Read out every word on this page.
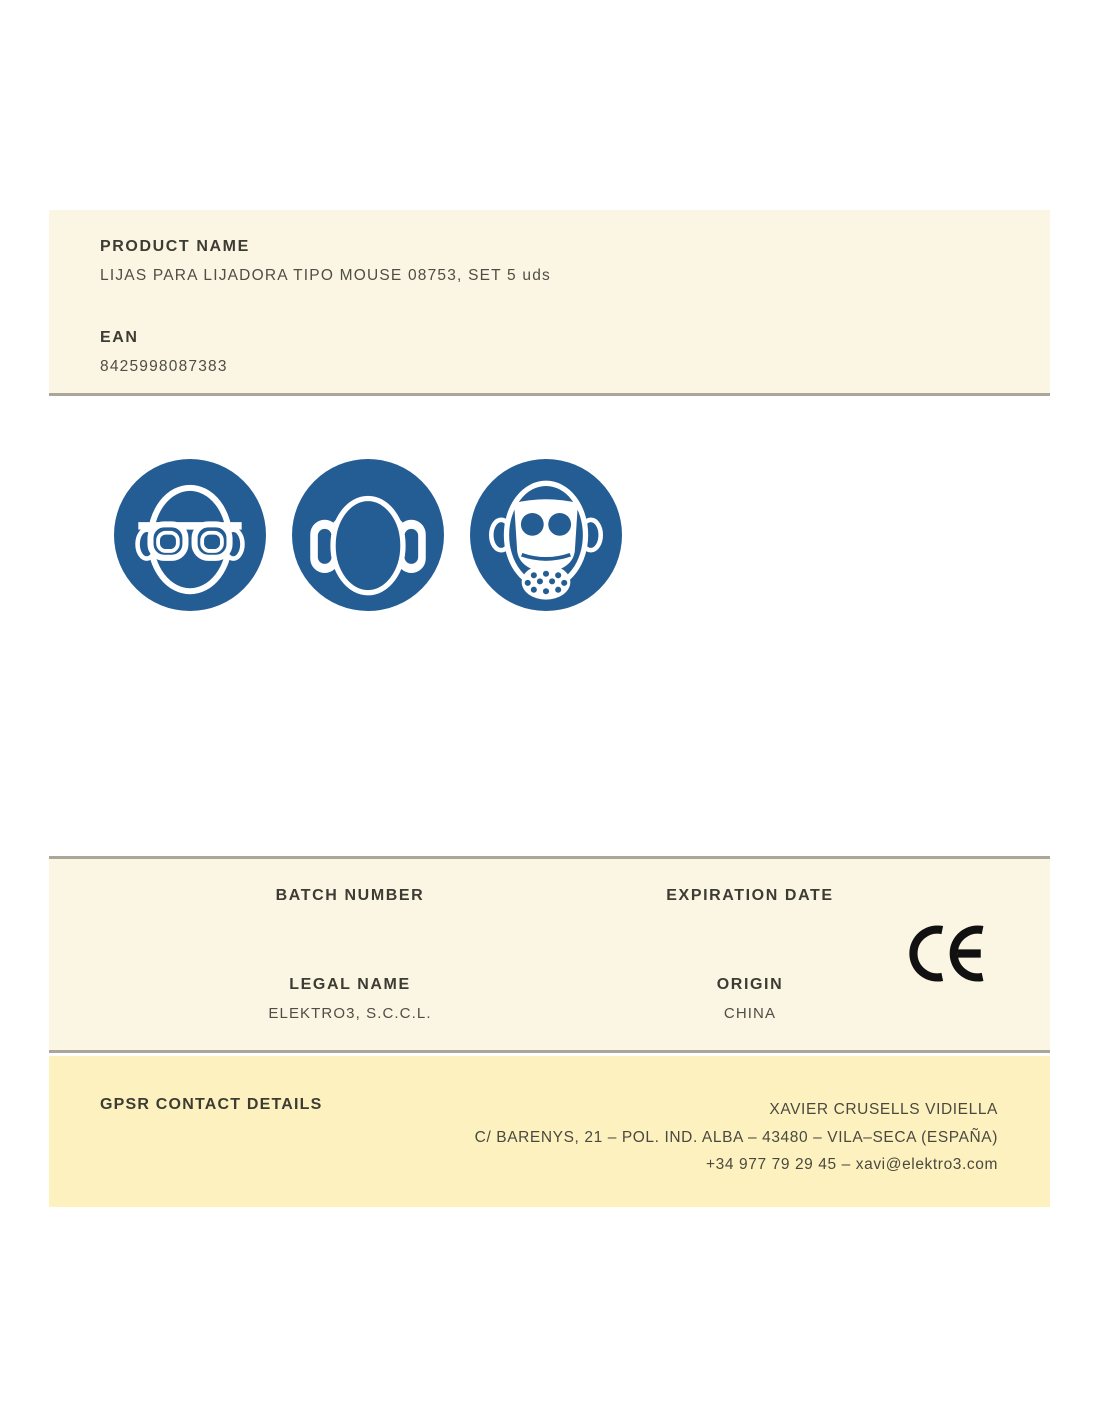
PRODUCT NAME
LIJAS PARA LIJADORA TIPO MOUSE 08753, SET 5 uds
EAN
8425998087383
BATCH NUMBER	EXPIRATION DATE
LEGAL NAME
ELEKTRO3, S.C.C.L.
ORIGIN
CHINA
GPSR CONTACT DETAILS	XAVIER CRUSELLS VIDIELLA
C/ BARENYS, 21 – POL. IND. ALBA – 43480 – VILA–SECA (ESPAÑA)
+34 977 79 29 45 – xavi@elektro3.com
